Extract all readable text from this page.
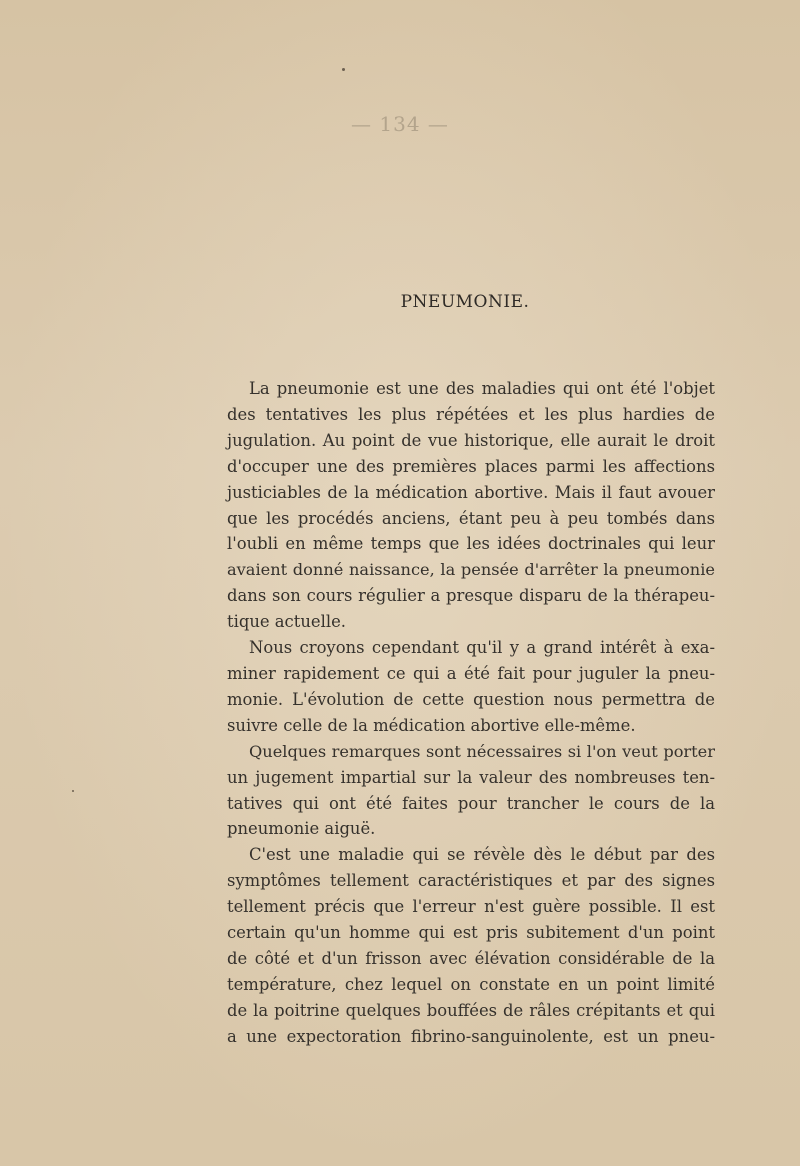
— 134 —
PNEUMONIE.
La pneumonie est une des maladies qui ont été l'objet
des tentatives les plus répétées et les plus hardies de
jugulation. Au point de vue historique, elle aurait le droit
d'occuper une des premières places parmi les affections
justiciables de la médication abortive. Mais il faut avouer
que les procédés anciens, étant peu à peu tombés dans
l'oubli en même temps que les idées doctrinales qui leur
avaient donné naissance, la pensée d'arrêter la pneumonie
dans son cours régulier a presque disparu de la thérapeu-
tique actuelle.
Nous croyons cependant qu'il y a grand intérêt à exa-
miner rapidement ce qui a été fait pour juguler la pneu-
monie. L'évolution de cette question nous permettra de
suivre celle de la médication abortive elle-même.
Quelques remarques sont nécessaires si l'on veut porter
un jugement impartial sur la valeur des nombreuses ten-
tatives qui ont été faites pour trancher le cours de la
pneumonie aiguë.
C'est une maladie qui se révèle dès le début par des
symptômes tellement caractéristiques et par des signes
tellement précis que l'erreur n'est guère possible. Il est
certain qu'un homme qui est pris subitement d'un point
de côté et d'un frisson avec élévation considérable de la
température, chez lequel on constate en un point limité
de la poitrine quelques bouffées de râles crépitants et qui
a une expectoration fibrino-sanguinolente, est un pneu-
